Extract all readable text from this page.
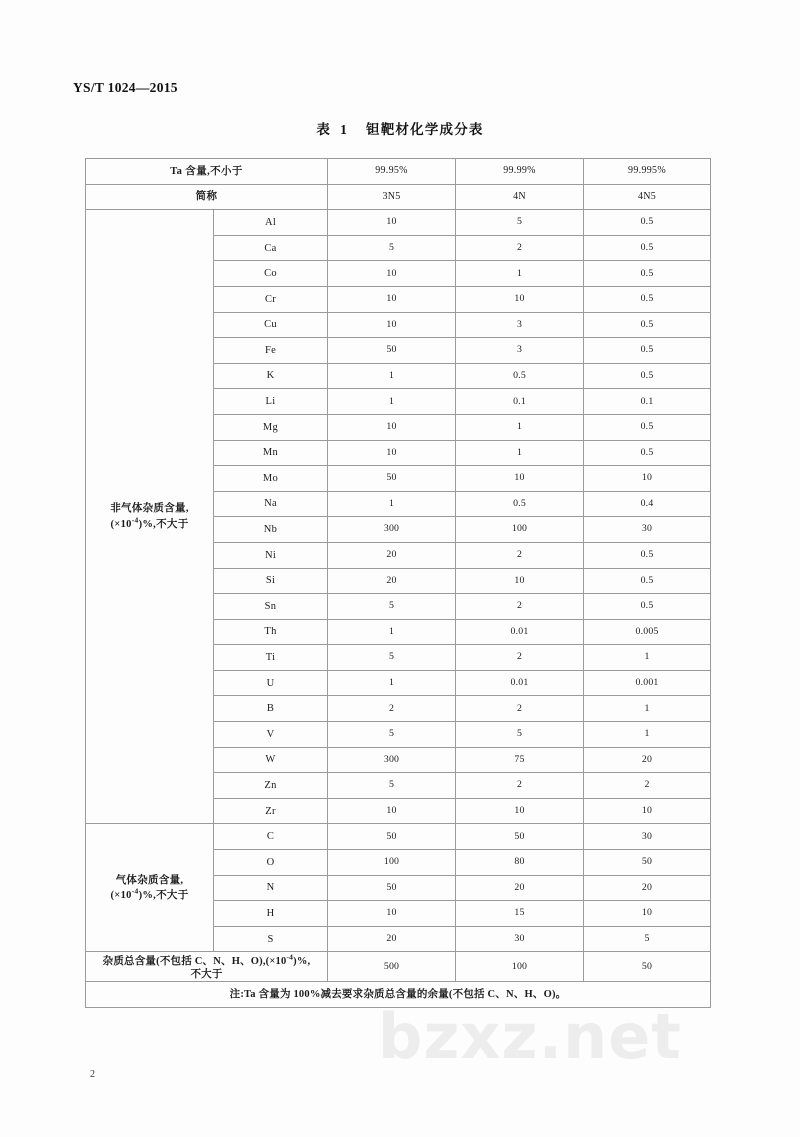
bzxz.net
YS/T 1024—2015
表 1 钽靶材化学成分表
Ta 含量,不小于		99.95%	99.99%	99.995%
简称		3N5	4N	4N5
非气体杂质含量,
$(\times 10^{-4})\%$,不大于	Al	10	5	0.5
	Ca	5	2	0.5
	Co	10	1	0.5
	Cr	10	10	0.5
	Cu	10	3	0.5
	Fe	50	3	0.5
	K	1	0.5	0.5
	Li	1	0.1	0.1
	Mg	10	1	0.5
	Mn	10	1	0.5
	Mo	50	10	10
	Na	1	0.5	0.4
	Nb	300	100	30
	Ni	20	2	0.5
	Si	20	10	0.5
	Sn	5	2	0.5
	Th	1	0.01	0.005
	Ti	5	2	1
	U	1	0.01	0.001
	B	2	2	1
	V	5	5	1
	W	300	75	20
	Zn	5	2	2
	Zr	10	10	10
气体杂质含量,
$(\times 10^{-4})\%$,不大于	C	50	50	30
	O	100	80	50
	N	50	20	20
	H	10	15	10
	S	20	30	5
杂质总含量(不包括 C、N、H、$O),(\times 10^{-4})\%$,
不大于		500	100	50
注:Ta 含量为 100%减去要求杂质总含量的余量(不包括 C、N、H、O)。				
2
